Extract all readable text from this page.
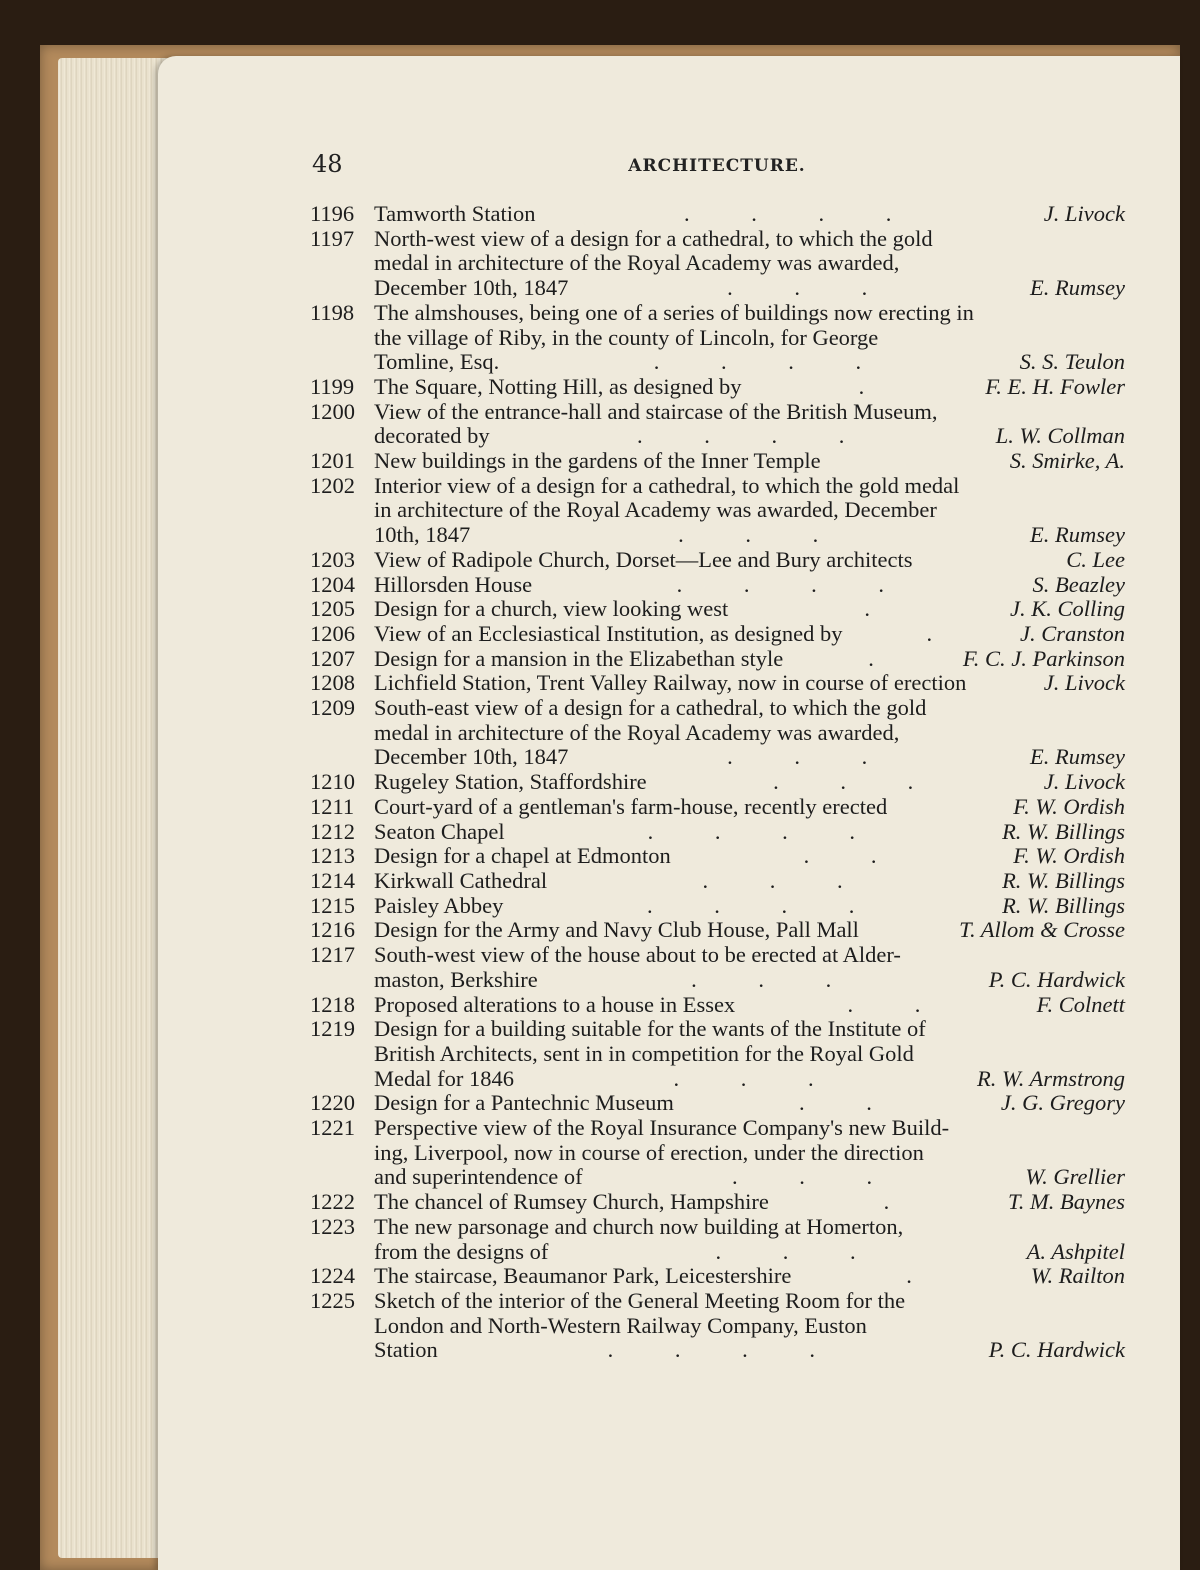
48	ARCHITECTURE.
1196 Tamworth Station	. . . .	J. Livock
1197 North-west view of a design for a cathedral, to which the gold
medal in architecture of the Royal Academy was awarded,
December 10th, 1847	. . .	E. Rumsey
1198 The almshouses, being one of a series of buildings now erecting in
the village of Riby, in the county of Lincoln, for George
Tomline, Esq.	. . . .	S. S. Teulon
1199 The Square, Notting Hill, as designed by	.	F. E. H. Fowler
1200 View of the entrance-hall and staircase of the British Museum,
decorated by	. . . .	L. W. Collman
1201 New buildings in the gardens of the Inner Temple	S. Smirke, A.
1202 Interior view of a design for a cathedral, to which the gold medal
in architecture of the Royal Academy was awarded, December
10th, 1847	. . .	E. Rumsey
1203 View of Radipole Church, Dorset—Lee and Bury architects	C. Lee
1204 Hillorsden House	. . . .	S. Beazley
1205 Design for a church, view looking west	.	J. K. Colling
1206 View of an Ecclesiastical Institution, as designed by	.	J. Cranston
1207 Design for a mansion in the Elizabethan style	.	F. C. J. Parkinson
1208 Lichfield Station, Trent Valley Railway, now in course of erection	J. Livock
1209 South-east view of a design for a cathedral, to which the gold
medal in architecture of the Royal Academy was awarded,
December 10th, 1847	. . .	E. Rumsey
1210 Rugeley Station, Staffordshire	. . .	J. Livock
1211 Court-yard of a gentleman's farm-house, recently erected	F. W. Ordish
1212 Seaton Chapel	. . . .	R. W. Billings
1213 Design for a chapel at Edmonton	. .	F. W. Ordish
1214 Kirkwall Cathedral	. . .	R. W. Billings
1215 Paisley Abbey	. . . .	R. W. Billings
1216 Design for the Army and Navy Club House, Pall Mall	T. Allom & Crosse
1217 South-west view of the house about to be erected at Alder-
maston, Berkshire	. . .	P. C. Hardwick
1218 Proposed alterations to a house in Essex	. .	F. Colnett
1219 Design for a building suitable for the wants of the Institute of
British Architects, sent in in competition for the Royal Gold
Medal for 1846	. . .	R. W. Armstrong
1220 Design for a Pantechnic Museum	. .	J. G. Gregory
1221 Perspective view of the Royal Insurance Company's new Build-
ing, Liverpool, now in course of erection, under the direction
and superintendence of	. . .	W. Grellier
1222 The chancel of Rumsey Church, Hampshire	.	T. M. Baynes
1223 The new parsonage and church now building at Homerton,
from the designs of	. . .	A. Ashpitel
1224 The staircase, Beaumanor Park, Leicestershire	.	W. Railton
1225 Sketch of the interior of the General Meeting Room for the
London and North-Western Railway Company, Euston
Station	. . . .	P. C. Hardwick
